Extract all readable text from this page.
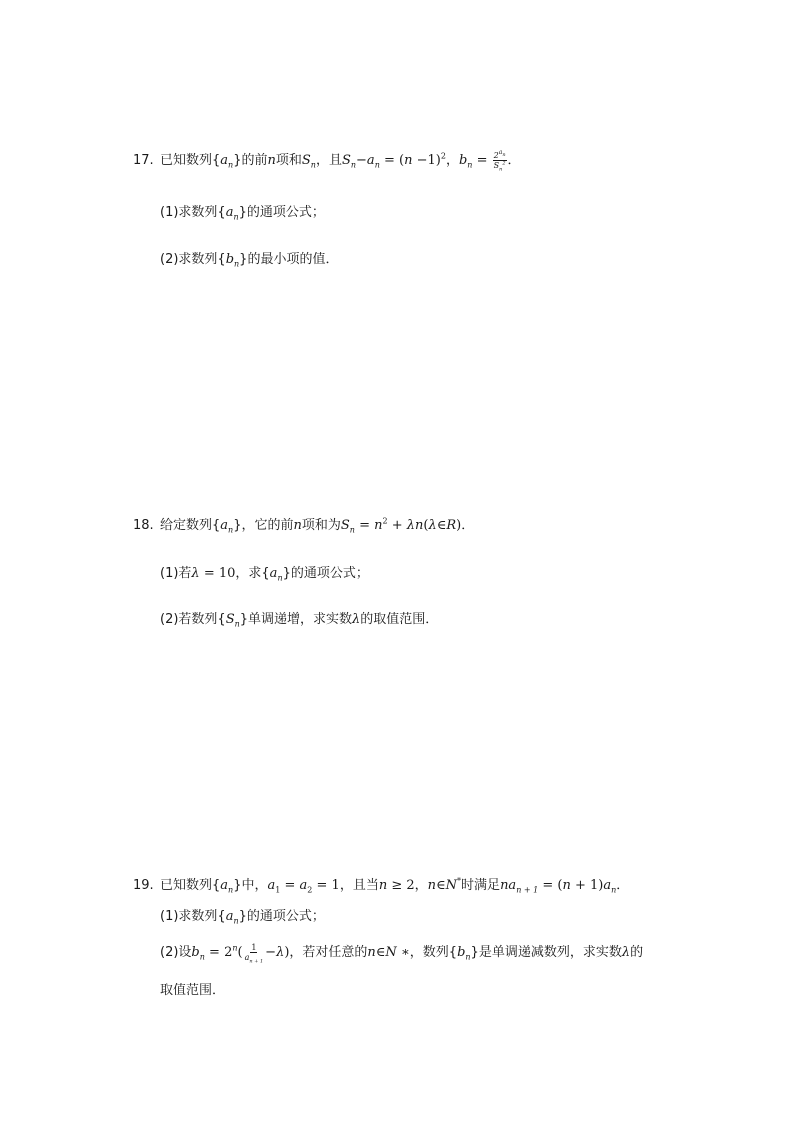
17. 已知数列$\{a_n\}$的前n项和$S_n$，且$S_n-a_n = (n -1)^2$，$b_n = \frac{2^{a_n}}{S_n^2}$ ．
(1)求数列$\{a_n\}$的通项公式；
(2)求数列$\{b_n\}$的最小项的值．
18. 给定数列$\{a_n\}$，它的前n项和为$S_n = n^2$ + λn(λ∈R)．
(1)若λ = 10，求$\{a_n\}$的通项公式；
(2)若数列$\{S_n\}$单调递增，求实数λ的取值范围．
19. 已知数列$\{a_n\}$中，$a_1 = a_2 = 1$，且当n ≥ 2，n∈N*时满足$na_{n + 1} = (n + 1)a_n$．
(1)求数列$\{a_n\}$的通项公式；
(2)设$b_n = 2^n( \frac{1}{a_{n + 1}} -\lambda)$，若对任意的n∈N ∗，数列$\{b_n\}$是单调递减数列，求实数λ的
取值范围．
